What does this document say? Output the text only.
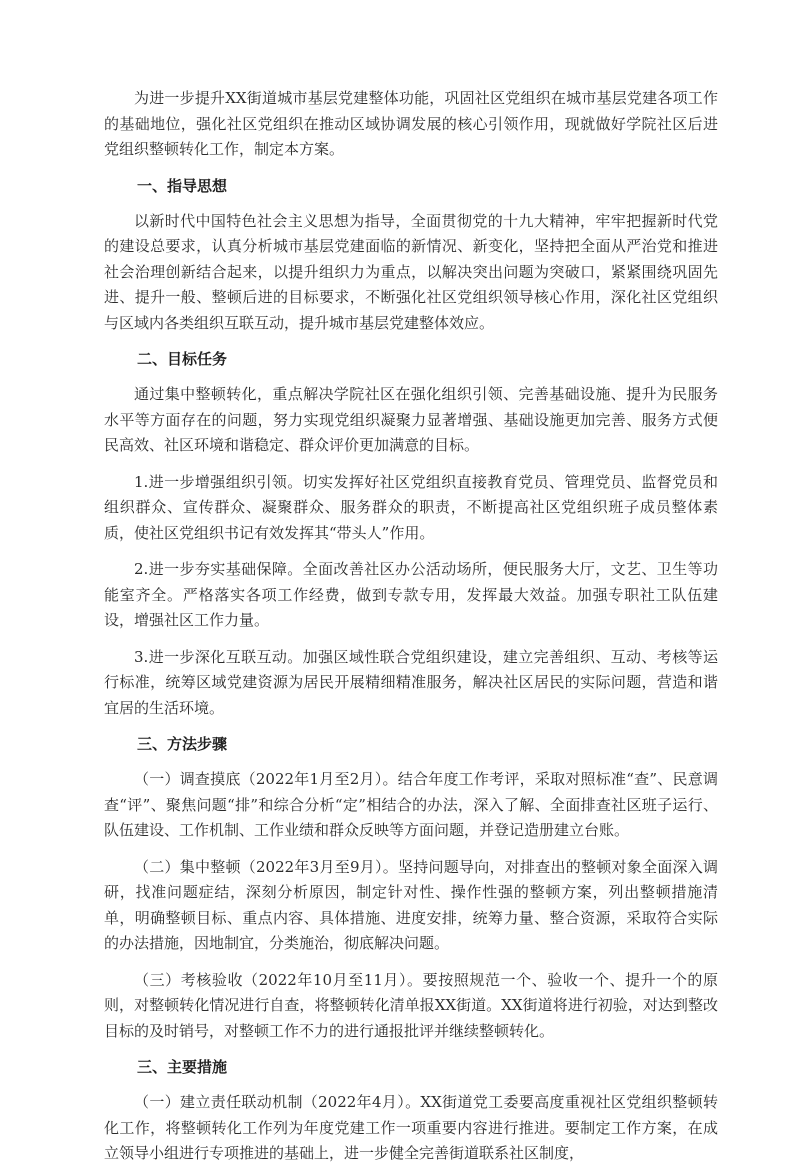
为进一步提升XX街道城市基层党建整体功能，巩固社区党组织在城市基层党建各项工作的基础地位，强化社区党组织在推动区域协调发展的核心引领作用，现就做好学院社区后进党组织整顿转化工作，制定本方案。

一、指导思想

以新时代中国特色社会主义思想为指导，全面贯彻党的十九大精神，牢牢把握新时代党的建设总要求，认真分析城市基层党建面临的新情况、新变化，坚持把全面从严治党和推进社会治理创新结合起来，以提升组织力为重点，以解决突出问题为突破口，紧紧围绕巩固先进、提升一般、整顿后进的目标要求，不断强化社区党组织领导核心作用，深化社区党组织与区域内各类组织互联互动，提升城市基层党建整体效应。

二、目标任务

通过集中整顿转化，重点解决学院社区在强化组织引领、完善基础设施、提升为民服务水平等方面存在的问题，努力实现党组织凝聚力显著增强、基础设施更加完善、服务方式便民高效、社区环境和谐稳定、群众评价更加满意的目标。

1.进一步增强组织引领。切实发挥好社区党组织直接教育党员、管理党员、监督党员和组织群众、宣传群众、凝聚群众、服务群众的职责，不断提高社区党组织班子成员整体素质，使社区党组织书记有效发挥其“带头人”作用。

2.进一步夯实基础保障。全面改善社区办公活动场所，便民服务大厅，文艺、卫生等功能室齐全。严格落实各项工作经费，做到专款专用，发挥最大效益。加强专职社工队伍建设，增强社区工作力量。

3.进一步深化互联互动。加强区域性联合党组织建设，建立完善组织、互动、考核等运行标准，统筹区域党建资源为居民开展精细精准服务，解决社区居民的实际问题，营造和谐宜居的生活环境。

三、方法步骤

（一）调查摸底（2022年1月至2月）。结合年度工作考评，采取对照标准“查”、民意调查“评”、聚焦问题“排”和综合分析“定”相结合的办法，深入了解、全面排查社区班子运行、队伍建设、工作机制、工作业绩和群众反映等方面问题，并登记造册建立台账。

（二）集中整顿（2022年3月至9月）。坚持问题导向，对排查出的整顿对象全面深入调研，找准问题症结，深刻分析原因，制定针对性、操作性强的整顿方案，列出整顿措施清单，明确整顿目标、重点内容、具体措施、进度安排，统筹力量、整合资源，采取符合实际的办法措施，因地制宜，分类施治，彻底解决问题。

（三）考核验收（2022年10月至11月）。要按照规范一个、验收一个、提升一个的原则，对整顿转化情况进行自查，将整顿转化清单报XX街道。XX街道将进行初验，对达到整改目标的及时销号，对整顿工作不力的进行通报批评并继续整顿转化。

三、主要措施

（一）建立责任联动机制（2022年4月）。XX街道党工委要高度重视社区党组织整顿转化工作，将整顿转化工作列为年度党建工作一项重要内容进行推进。要制定工作方案，在成立领导小组进行专项推进的基础上，进一步健全完善街道联系社区制度，
